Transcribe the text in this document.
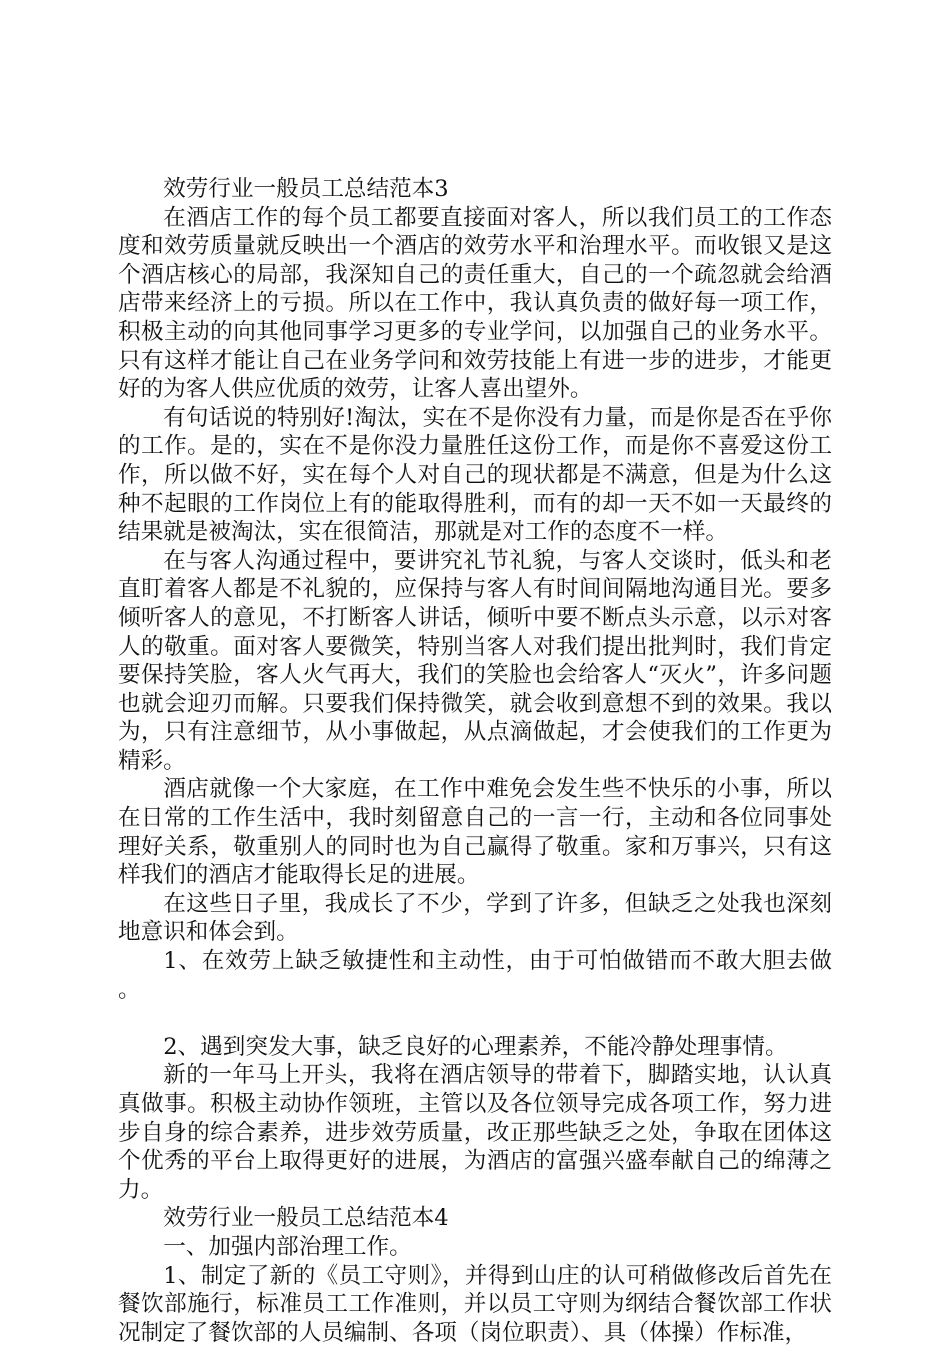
效劳行业一般员工总结范本3

在酒店工作的每个员工都要直接面对客人，所以我们员工的工作态度和效劳质量就反映出一个酒店的效劳水平和治理水平。而收银又是这个酒店核心的局部，我深知自己的责任重大，自己的一个疏忽就会给酒店带来经济上的亏损。所以在工作中，我认真负责的做好每一项工作，积极主动的向其他同事学习更多的专业学问，以加强自己的业务水平。只有这样才能让自己在业务学问和效劳技能上有进一步的进步，才能更好的为客人供应优质的效劳，让客人喜出望外。

有句话说的特别好!淘汰，实在不是你没有力量，而是你是否在乎你的工作。是的，实在不是你没力量胜任这份工作，而是你不喜爱这份工作，所以做不好，实在每个人对自己的现状都是不满意，但是为什么这种不起眼的工作岗位上有的能取得胜利，而有的却一天不如一天最终的结果就是被淘汰，实在很简洁，那就是对工作的态度不一样。

在与客人沟通过程中，要讲究礼节礼貌，与客人交谈时，低头和老直盯着客人都是不礼貌的，应保持与客人有时间间隔地沟通目光。要多倾听客人的意见，不打断客人讲话，倾听中要不断点头示意，以示对客人的敬重。面对客人要微笑，特别当客人对我们提出批判时，我们肯定要保持笑脸，客人火气再大，我们的笑脸也会给客人“灭火”，许多问题也就会迎刃而解。只要我们保持微笑，就会收到意想不到的效果。我以为，只有注意细节，从小事做起，从点滴做起，才会使我们的工作更为精彩。

酒店就像一个大家庭，在工作中难免会发生些不快乐的小事，所以在日常的工作生活中，我时刻留意自己的一言一行，主动和各位同事处理好关系，敬重别人的同时也为自己赢得了敬重。家和万事兴，只有这样我们的酒店才能取得长足的进展。

在这些日子里，我成长了不少，学到了许多，但缺乏之处我也深刻地意识和体会到。

1、在效劳上缺乏敏捷性和主动性，由于可怕做错而不敢大胆去做。

2、遇到突发大事，缺乏良好的心理素养，不能冷静处理事情。

新的一年马上开头，我将在酒店领导的带着下，脚踏实地，认认真真做事。积极主动协作领班，主管以及各位领导完成各项工作，努力进步自身的综合素养，进步效劳质量，改正那些缺乏之处，争取在团体这个优秀的平台上取得更好的进展，为酒店的富强兴盛奉献自己的绵薄之力。

效劳行业一般员工总结范本4

一、加强内部治理工作。

1、制定了新的《员工守则》，并得到山庄的认可稍做修改后首先在餐饮部施行，标准员工工作准则，并以员工守则为纲结合餐饮部工作状况制定了餐饮部的人员编制、各项（岗位职责）、具（体操）作标准，
